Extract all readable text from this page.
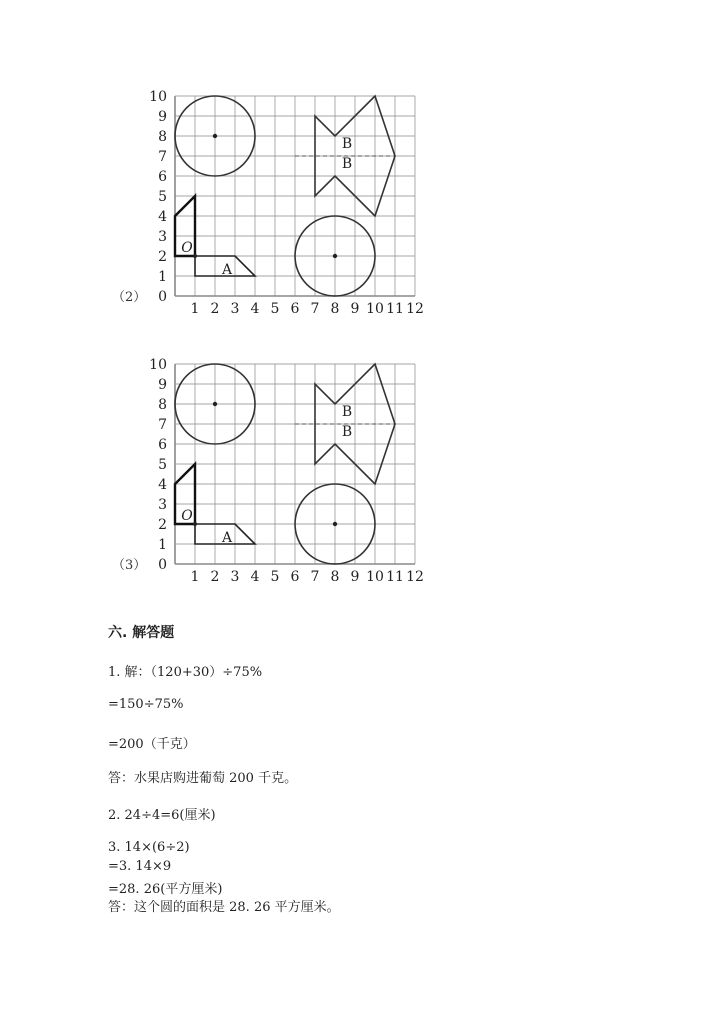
1 2 3 4 5 6 7 8 9 10 11 12
0
1
2
3
4
5
6
7
8
9
10
A
B
B
O
（2）
1 2 3 4 5 6 7 8 9 10 11 12
0
1
2
3
4
5
6
7
8
9
10
A
B
B
O
（3）
六. 解答题
1. 解：（120+30）÷75%
=150÷75%
=200（千克）
答：水果店购进葡萄 200 千克。
2. 24÷4=6(厘米)
3. 14×(6÷2)
=3. 14×9
=28. 26(平方厘米)
答：这个圆的面积是 28. 26 平方厘米。
